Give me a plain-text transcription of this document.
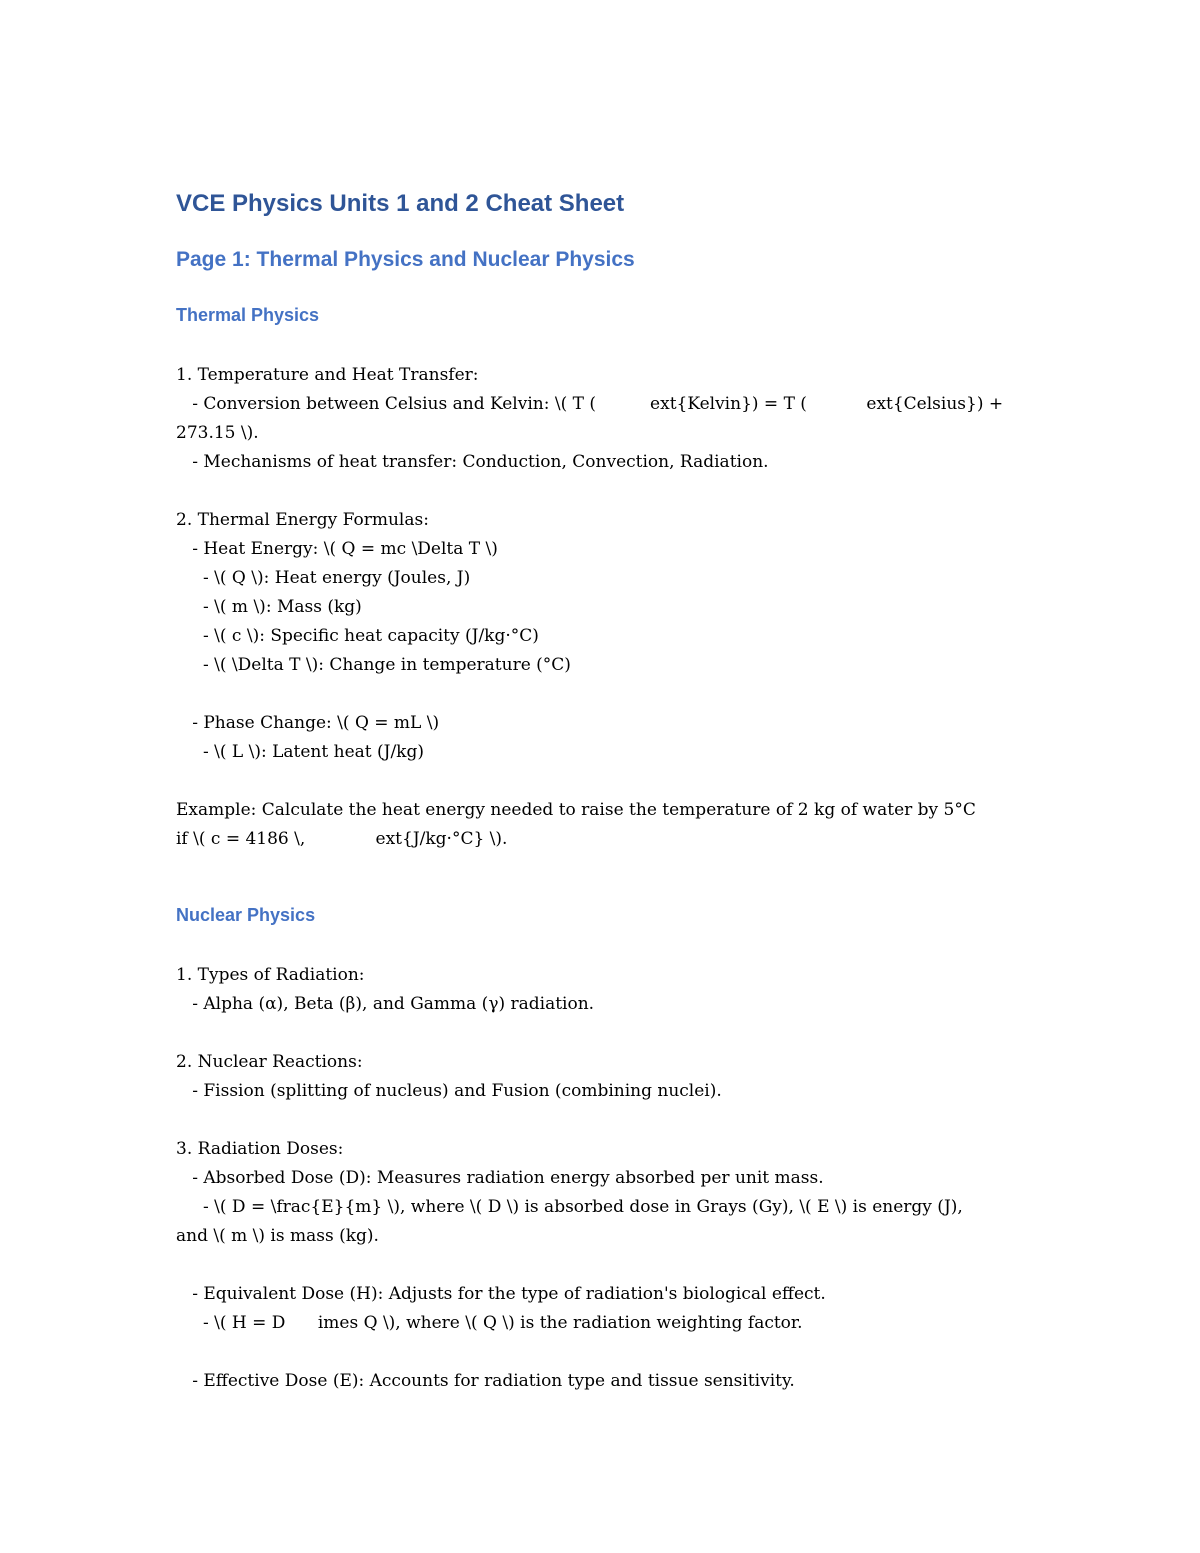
VCE Physics Units 1 and 2 Cheat Sheet
Page 1: Thermal Physics and Nuclear Physics
Thermal Physics
1. Temperature and Heat Transfer:
- Conversion between Celsius and Kelvin: \( T (          ext{Kelvin}) = T (           ext{Celsius}) +
273.15 \).
- Mechanisms of heat transfer: Conduction, Convection, Radiation.
2. Thermal Energy Formulas:
- Heat Energy: \( Q = mc \Delta T \)
- \( Q \): Heat energy (Joules, J)
- \( m \): Mass (kg)
- \( c \): Specific heat capacity (J/kg·°C)
- \( \Delta T \): Change in temperature (°C)
- Phase Change: \( Q = mL \)
- \( L \): Latent heat (J/kg)
Example: Calculate the heat energy needed to raise the temperature of 2 kg of water by 5°C
if \( c = 4186 \,             ext{J/kg·°C} \).
Nuclear Physics
1. Types of Radiation:
- Alpha (α), Beta (β), and Gamma (γ) radiation.
2. Nuclear Reactions:
- Fission (splitting of nucleus) and Fusion (combining nuclei).
3. Radiation Doses:
- Absorbed Dose (D): Measures radiation energy absorbed per unit mass.
- \( D = \frac{E}{m} \), where \( D \) is absorbed dose in Grays (Gy), \( E \) is energy (J),
and \( m \) is mass (kg).
- Equivalent Dose (H): Adjusts for the type of radiation's biological effect.
- \( H = D      imes Q \), where \( Q \) is the radiation weighting factor.
- Effective Dose (E): Accounts for radiation type and tissue sensitivity.
